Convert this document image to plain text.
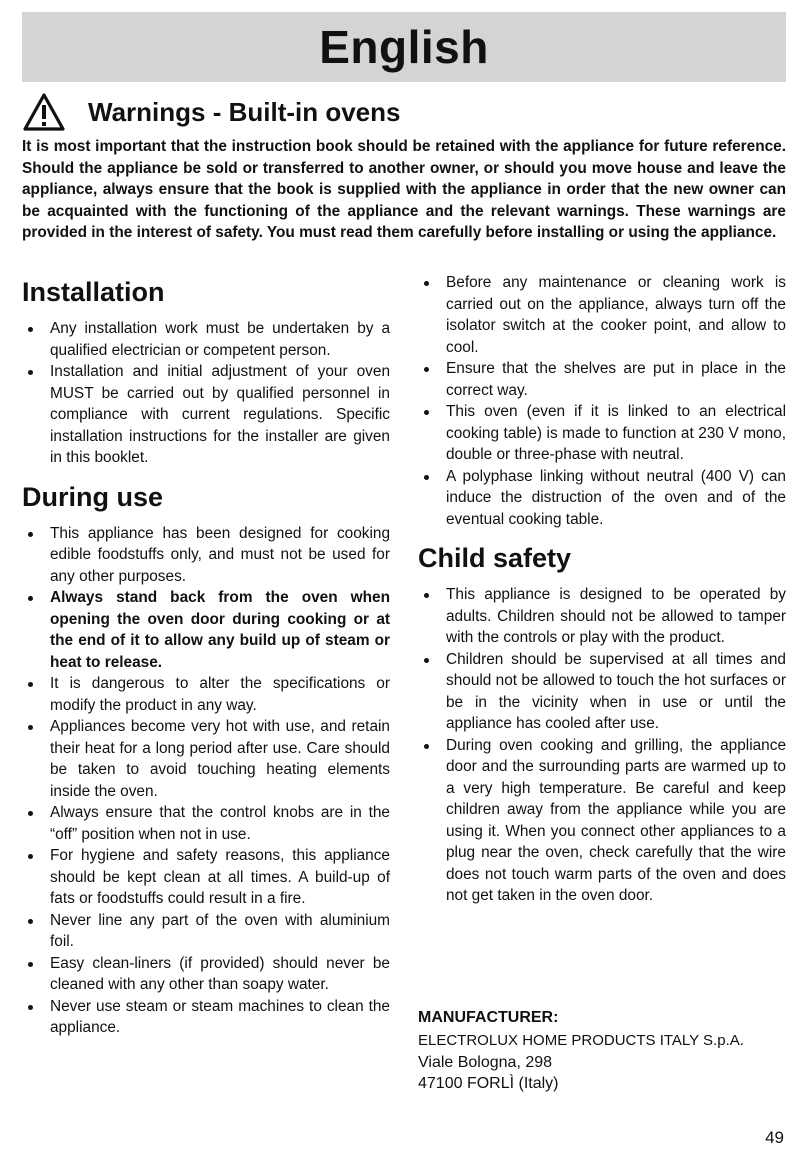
English
Warnings - Built-in ovens

It is most important that the instruction book should be retained with the appliance for future reference. Should the appliance be sold or transferred to another owner, or should you move house and leave the appliance, always ensure that the book is supplied with the appliance in order that the new owner can be acquainted with the functioning of the appliance and the relevant warnings. These warnings are provided in the interest of safety. You must read them carefully before installing or using the appliance.

Installation
Any installation work must be undertaken by a qualified electrician or competent person.
Installation and initial adjustment of your oven MUST be carried out by qualified personnel in compliance with current regulations. Specific installation instructions for the installer are given in this booklet.
During use
This appliance has been designed for cooking edible foodstuffs only, and must not be used for any other purposes.
Always stand back from the oven when opening the oven door during cooking or at the end of it to allow any build up of steam or heat to release.
It is dangerous to alter the specifications or modify the product in any way.
Appliances become very hot with use, and retain their heat for a long period after use. Care should be taken to avoid touching heating elements inside the oven.
Always ensure that the control knobs are in the “off” position when not in use.
For hygiene and safety reasons, this appliance should be kept clean at all times. A build-up of fats or foodstuffs could result in a fire.
Never line any part of the oven with aluminium foil.
Easy clean-liners (if provided) should never be cleaned with any other than soapy water.
Never use steam or steam machines to clean the appliance.
Before any maintenance or cleaning work is carried out on the appliance, always turn off the isolator switch at the cooker point, and allow to cool.
Ensure that the shelves are put in place in the correct way.
This oven (even if it is linked to an electrical cooking table) is made to function at 230 V mono, double or three-phase with neutral.
A polyphase linking without neutral (400 V) can induce the distruction of the oven and of the eventual cooking table.
Child safety
This appliance is designed to be operated by adults. Children should not be allowed to tamper with the controls or play with the product.
Children should be supervised at all times and should not be allowed to touch the hot surfaces or be in the vicinity when in use or until the appliance has cooled after use.
During oven cooking and grilling, the appliance door and the surrounding parts are warmed up to a very high temperature. Be careful and keep children away from the appliance while you are using it. When you connect other appliances to a plug near the oven, check carefully that the wire does not touch warm parts of the oven and does not get taken in the oven door.
MANUFACTURER:
ELECTROLUX HOME PRODUCTS ITALY S.p.A.
Viale Bologna, 298
47100 FORLÌ (Italy)
49
